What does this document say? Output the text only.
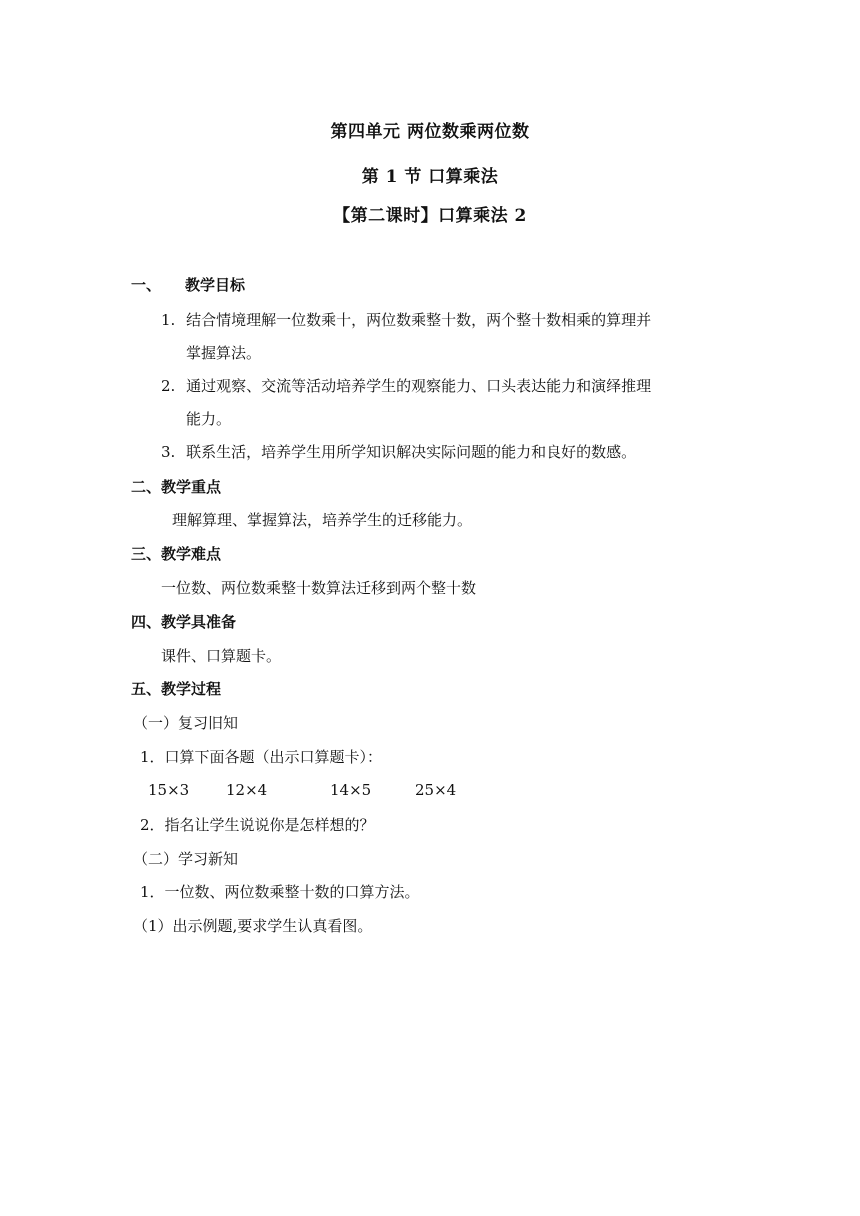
第四单元 两位数乘两位数
第 1 节 口算乘法
【第二课时】口算乘法 2
一、 教学目标
1. 结合情境理解一位数乘十，两位数乘整十数，两个整十数相乘的算理并
掌握算法。
2. 通过观察、交流等活动培养学生的观察能力、口头表达能力和演绎推理
能力。
3. 联系生活，培养学生用所学知识解决实际问题的能力和良好的数感。
二、教学重点
理解算理、掌握算法，培养学生的迁移能力。
三、教学难点
一位数、两位数乘整十数算法迁移到两个整十数
四、教学具准备
课件、口算题卡。
五、教学过程
（一）复习旧知
1．口算下面各题（出示口算题卡）：
15×3 12×4	14×5	25×4
2．指名让学生说说你是怎样想的？
（二）学习新知
1．一位数、两位数乘整十数的口算方法。
（1）出示例题,要求学生认真看图。
